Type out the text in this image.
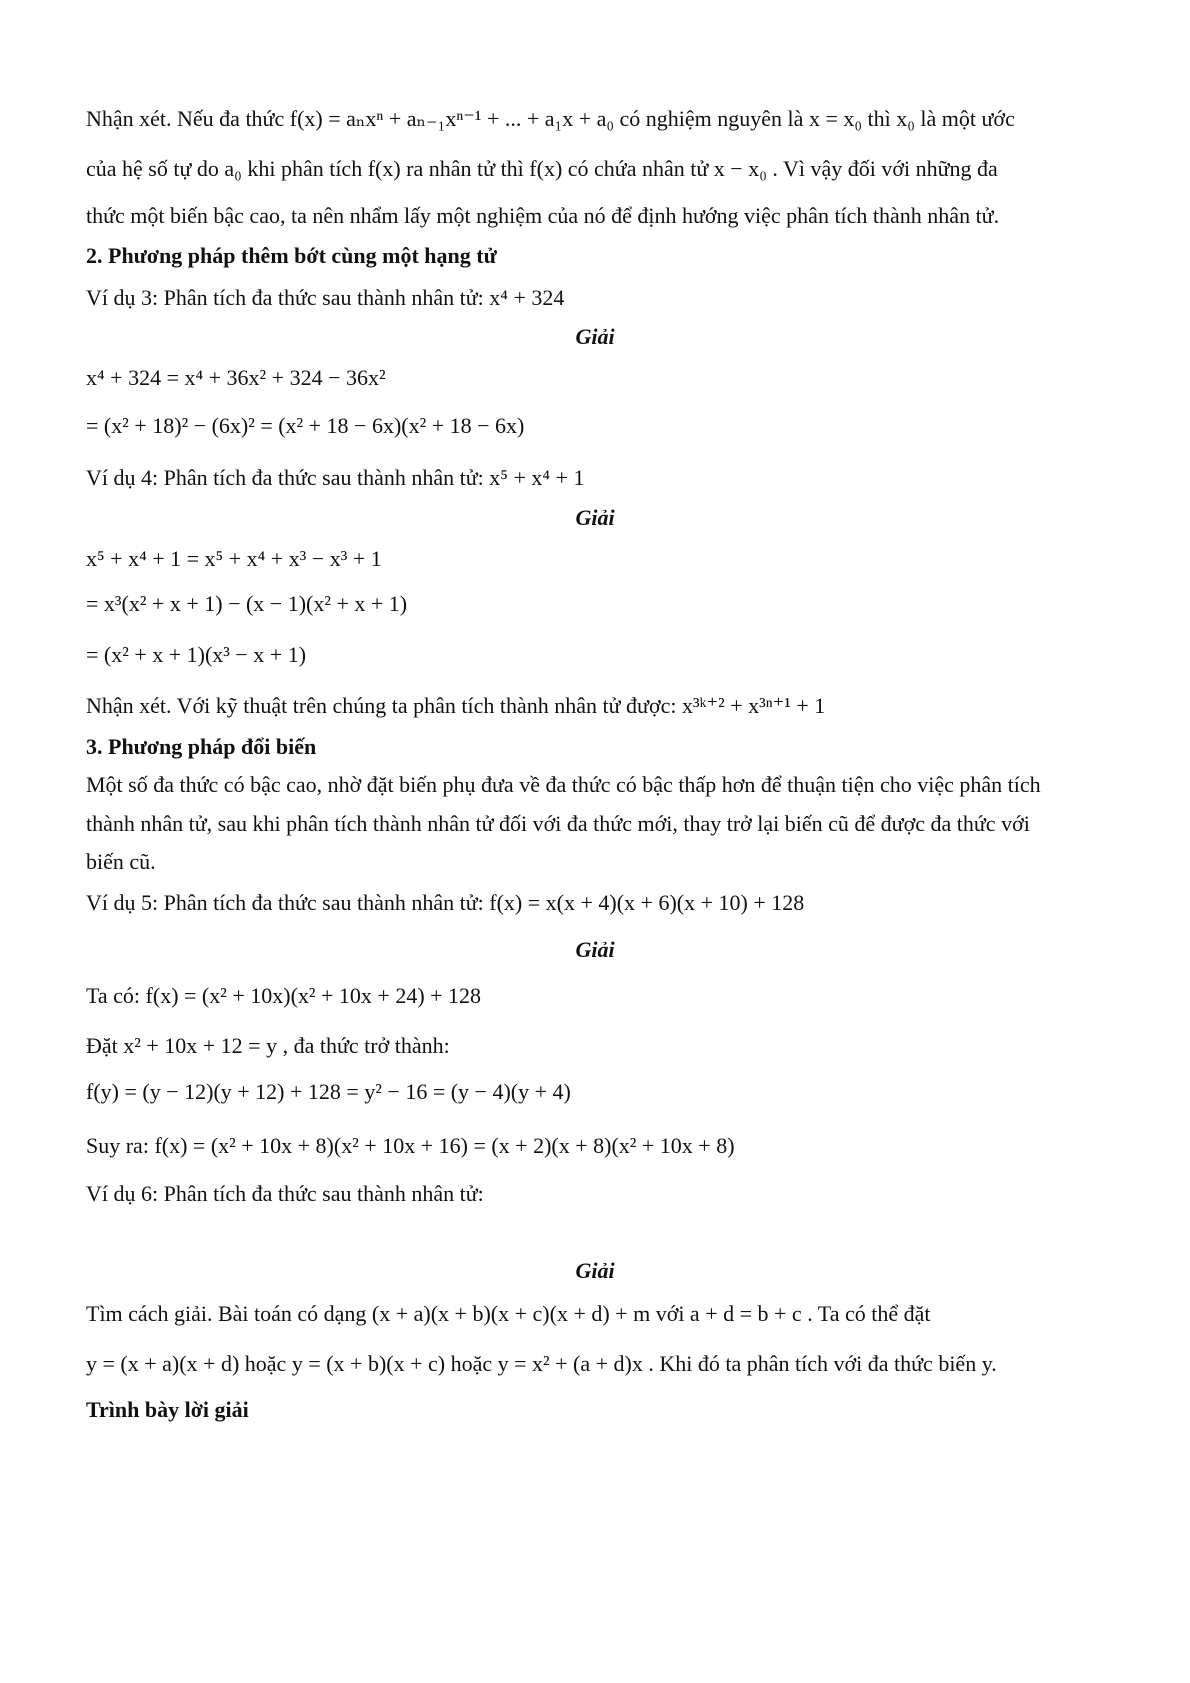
Nhận xét. Nếu đa thức f(x) = aₙxⁿ + aₙ₋₁xⁿ⁻¹ + ... + a₁x + a₀ có nghiệm nguyên là x = x₀ thì x₀ là một ước
của hệ số tự do a₀ khi phân tích f(x) ra nhân tử thì f(x) có chứa nhân tử x − x₀ . Vì vậy đối với những đa
thức một biến bậc cao, ta nên nhẩm lấy một nghiệm của nó để định hướng việc phân tích thành nhân tử.
2. Phương pháp thêm bớt cùng một hạng tử
Ví dụ 3: Phân tích đa thức sau thành nhân tử: x⁴ + 324
Giải
x⁴ + 324 = x⁴ + 36x² + 324 − 36x²
= (x² + 18)² − (6x)² = (x² + 18 − 6x)(x² + 18 − 6x)
Ví dụ 4: Phân tích đa thức sau thành nhân tử: x⁵ + x⁴ + 1
Giải
x⁵ + x⁴ + 1 = x⁵ + x⁴ + x³ − x³ + 1
= x³(x² + x + 1) − (x − 1)(x² + x + 1)
= (x² + x + 1)(x³ − x + 1)
Nhận xét. Với kỹ thuật trên chúng ta phân tích thành nhân tử được: x³ᵏ⁺² + x³ⁿ⁺¹ + 1
3. Phương pháp đổi biến
Một số đa thức có bậc cao, nhờ đặt biến phụ đưa về đa thức có bậc thấp hơn để thuận tiện cho việc phân tích
thành nhân tử, sau khi phân tích thành nhân tử đối với đa thức mới, thay trở lại biến cũ để được đa thức với
biến cũ.
Ví dụ 5: Phân tích đa thức sau thành nhân tử: f(x) = x(x + 4)(x + 6)(x + 10) + 128
Giải
Ta có: f(x) = (x² + 10x)(x² + 10x + 24) + 128
Đặt x² + 10x + 12 = y , đa thức trở thành:
f(y) = (y − 12)(y + 12) + 128 = y² − 16 = (y − 4)(y + 4)
Suy ra: f(x) = (x² + 10x + 8)(x² + 10x + 16) = (x + 2)(x + 8)(x² + 10x + 8)
Ví dụ 6: Phân tích đa thức sau thành nhân tử:
Giải
Tìm cách giải. Bài toán có dạng (x + a)(x + b)(x + c)(x + d) + m với a + d = b + c . Ta có thể đặt
y = (x + a)(x + d) hoặc y = (x + b)(x + c) hoặc y = x² + (a + d)x . Khi đó ta phân tích với đa thức biến y.
Trình bày lời giải
